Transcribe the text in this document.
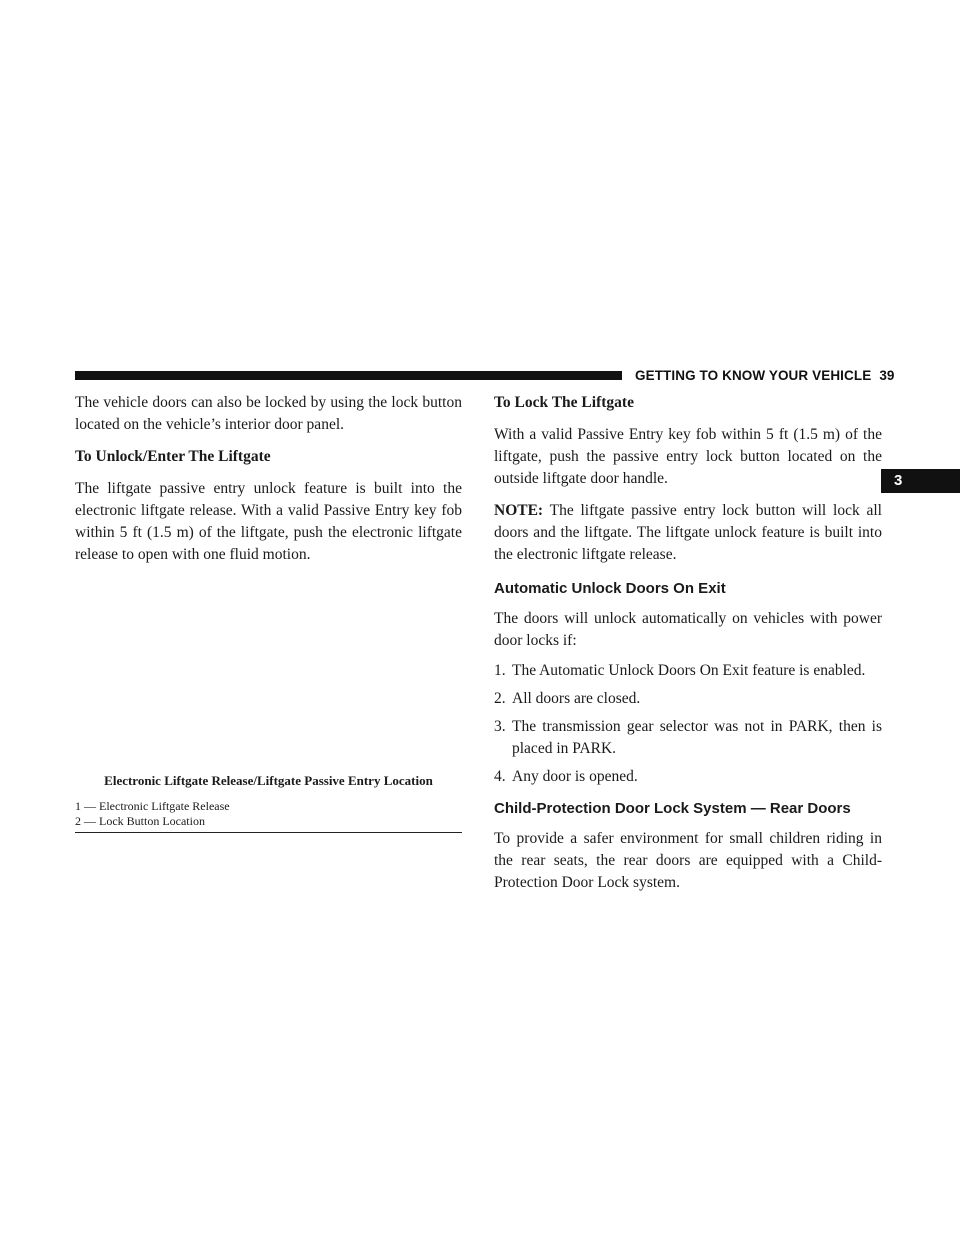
GETTING TO KNOW YOUR VEHICLE 39
3

The vehicle doors can also be locked by using the lock button located on the vehicle’s interior door panel.

To Unlock/Enter The Liftgate

The liftgate passive entry unlock feature is built into the electronic liftgate release. With a valid Passive Entry key fob within 5 ft (1.5 m) of the liftgate, push the electronic liftgate release to open with one fluid motion.

Electronic Liftgate Release/Liftgate Passive Entry Location
1 — Electronic Liftgate Release
2 — Lock Button Location

To Lock The Liftgate

With a valid Passive Entry key fob within 5 ft (1.5 m) of the liftgate, push the passive entry lock button located on the outside liftgate door handle.

NOTE: The liftgate passive entry lock button will lock all doors and the liftgate. The liftgate unlock feature is built into the electronic liftgate release.

Automatic Unlock Doors On Exit

The doors will unlock automatically on vehicles with power door locks if:

1. The Automatic Unlock Doors On Exit feature is enabled.
2. All doors are closed.
3. The transmission gear selector was not in PARK, then is placed in PARK.
4. Any door is opened.

Child-Protection Door Lock System — Rear Doors

To provide a safer environment for small children riding in the rear seats, the rear doors are equipped with a Child-Protection Door Lock system.
